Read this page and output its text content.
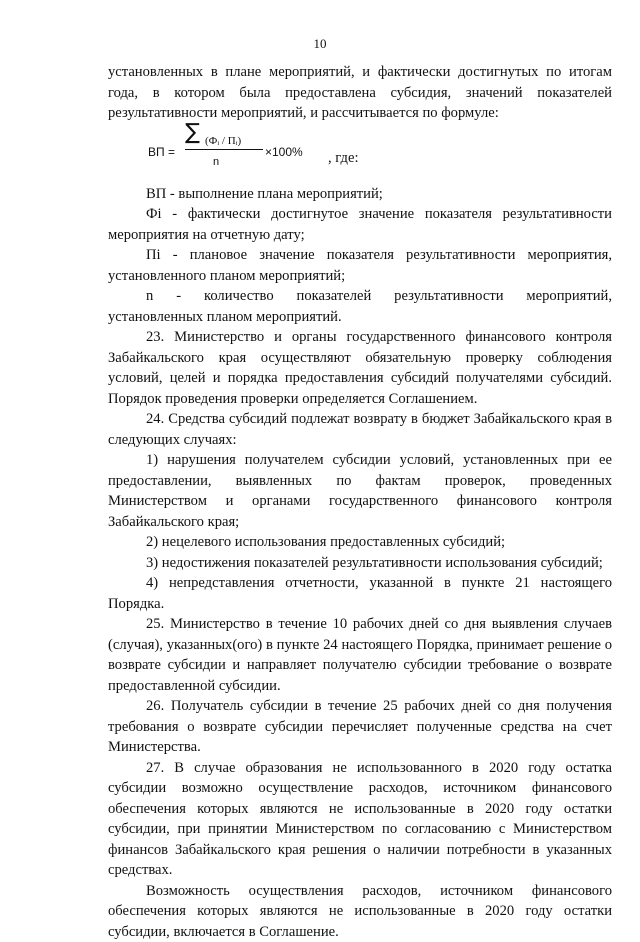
10

установленных в плане мероприятий, и фактически достигнутых по итогам года, в котором была предоставлена субсидия, значений показателей результативности мероприятий, и рассчитывается по формуле:

ВП =
∑ (Фᵢ / Пᵢ)
n
×100% , где:

ВП - выполнение плана мероприятий;

Фi - фактически достигнутое значение показателя результативности мероприятия на отчетную дату;

Пi - плановое значение показателя результативности мероприятия, установленного планом мероприятий;

n - количество показателей результативности мероприятий, установленных планом мероприятий.

23. Министерство и органы государственного финансового контроля Забайкальского края осуществляют обязательную проверку соблюдения условий, целей и порядка предоставления субсидий получателями субсидий. Порядок проведения проверки определяется Соглашением.

24. Средства субсидий подлежат возврату в бюджет Забайкальского края в следующих случаях:

1) нарушения получателем субсидии условий, установленных при ее предоставлении, выявленных по фактам проверок, проведенных Министерством и органами государственного финансового контроля Забайкальского края;

2) нецелевого использования предоставленных субсидий;

3) недостижения показателей результативности использования субсидий;

4) непредставления отчетности, указанной в пункте 21 настоящего Порядка.

25. Министерство в течение 10 рабочих дней со дня выявления случаев (случая), указанных(ого) в пункте 24 настоящего Порядка, принимает решение о возврате субсидии и направляет получателю субсидии требование о возврате предоставленной субсидии.

26. Получатель субсидии в течение 25 рабочих дней со дня получения требования о возврате субсидии перечисляет полученные средства на счет Министерства.

27. В случае образования не использованного в 2020 году остатка субсидии возможно осуществление расходов, источником финансового обеспечения которых являются не использованные в 2020 году остатки субсидии, при принятии Министерством по согласованию с Министерством финансов Забайкальского края решения о наличии потребности в указанных средствах.

Возможность осуществления расходов, источником финансового обеспечения которых являются не использованные в 2020 году остатки субсидии, включается в Соглашение.
